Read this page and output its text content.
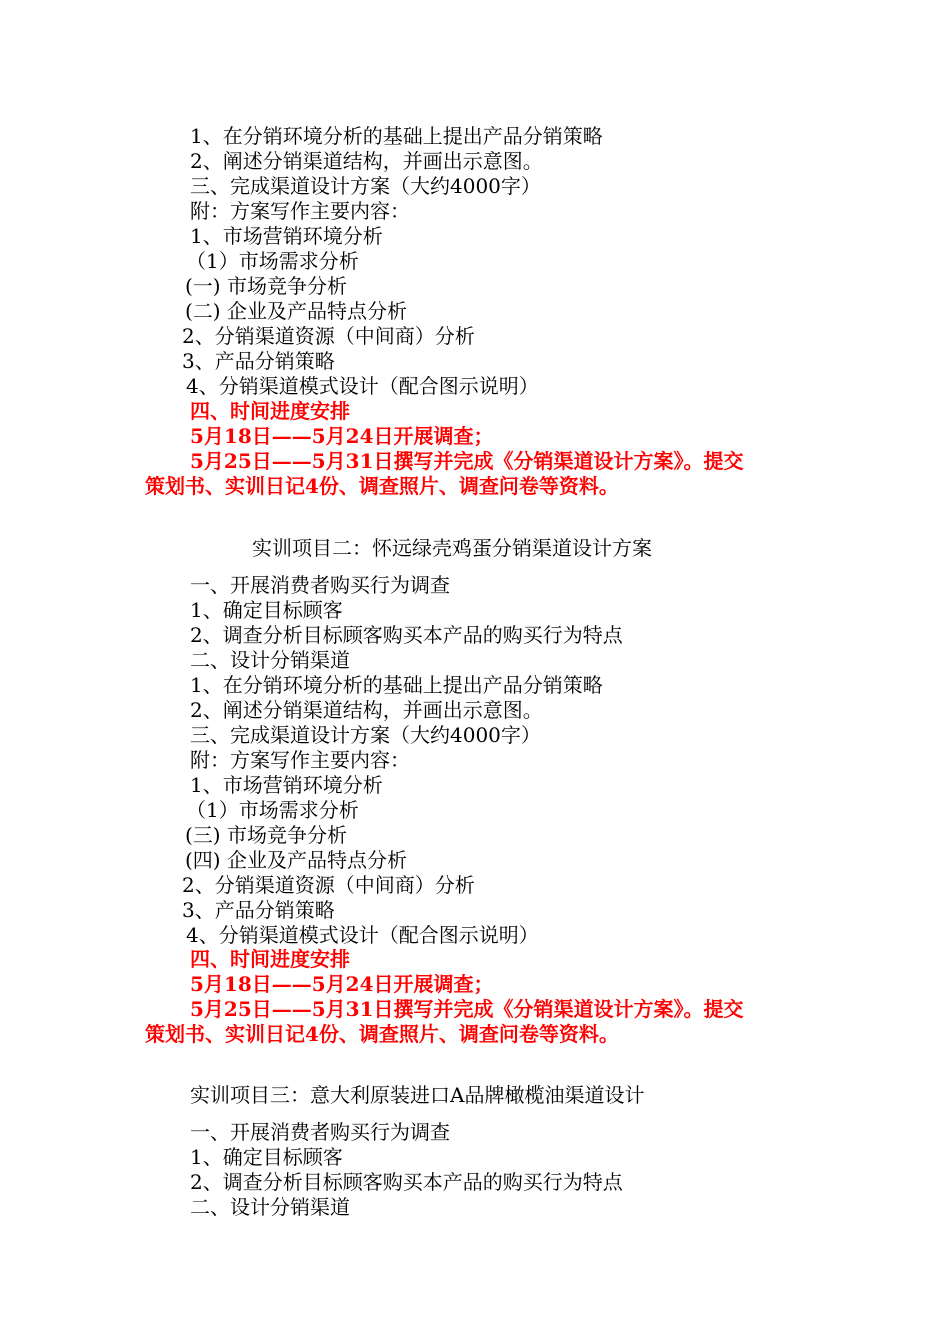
1、在分销环境分析的基础上提出产品分销策略
2、阐述分销渠道结构，并画出示意图。
三、完成渠道设计方案（大约4000字）
附：方案写作主要内容：
1、市场营销环境分析
（1）市场需求分析
(一) 市场竞争分析
(二) 企业及产品特点分析
2、分销渠道资源（中间商）分析
3、产品分销策略
4、分销渠道模式设计（配合图示说明）
四、时间进度安排
5月18日——5月24日开展调查；
5月25日——5月31日撰写并完成《分销渠道设计方案》。提交
策划书、实训日记4份、调查照片、调查问卷等资料。
实训项目二：怀远绿壳鸡蛋分销渠道设计方案
一、开展消费者购买行为调查
1、确定目标顾客
2、调查分析目标顾客购买本产品的购买行为特点
二、设计分销渠道
1、在分销环境分析的基础上提出产品分销策略
2、阐述分销渠道结构，并画出示意图。
三、完成渠道设计方案（大约4000字）
附：方案写作主要内容：
1、市场营销环境分析
（1）市场需求分析
(三) 市场竞争分析
(四) 企业及产品特点分析
2、分销渠道资源（中间商）分析
3、产品分销策略
4、分销渠道模式设计（配合图示说明）
四、时间进度安排
5月18日——5月24日开展调查；
5月25日——5月31日撰写并完成《分销渠道设计方案》。提交
策划书、实训日记4份、调查照片、调查问卷等资料。
实训项目三：意大利原装进口A品牌橄榄油渠道设计
一、开展消费者购买行为调查
1、确定目标顾客
2、调查分析目标顾客购买本产品的购买行为特点
二、设计分销渠道
